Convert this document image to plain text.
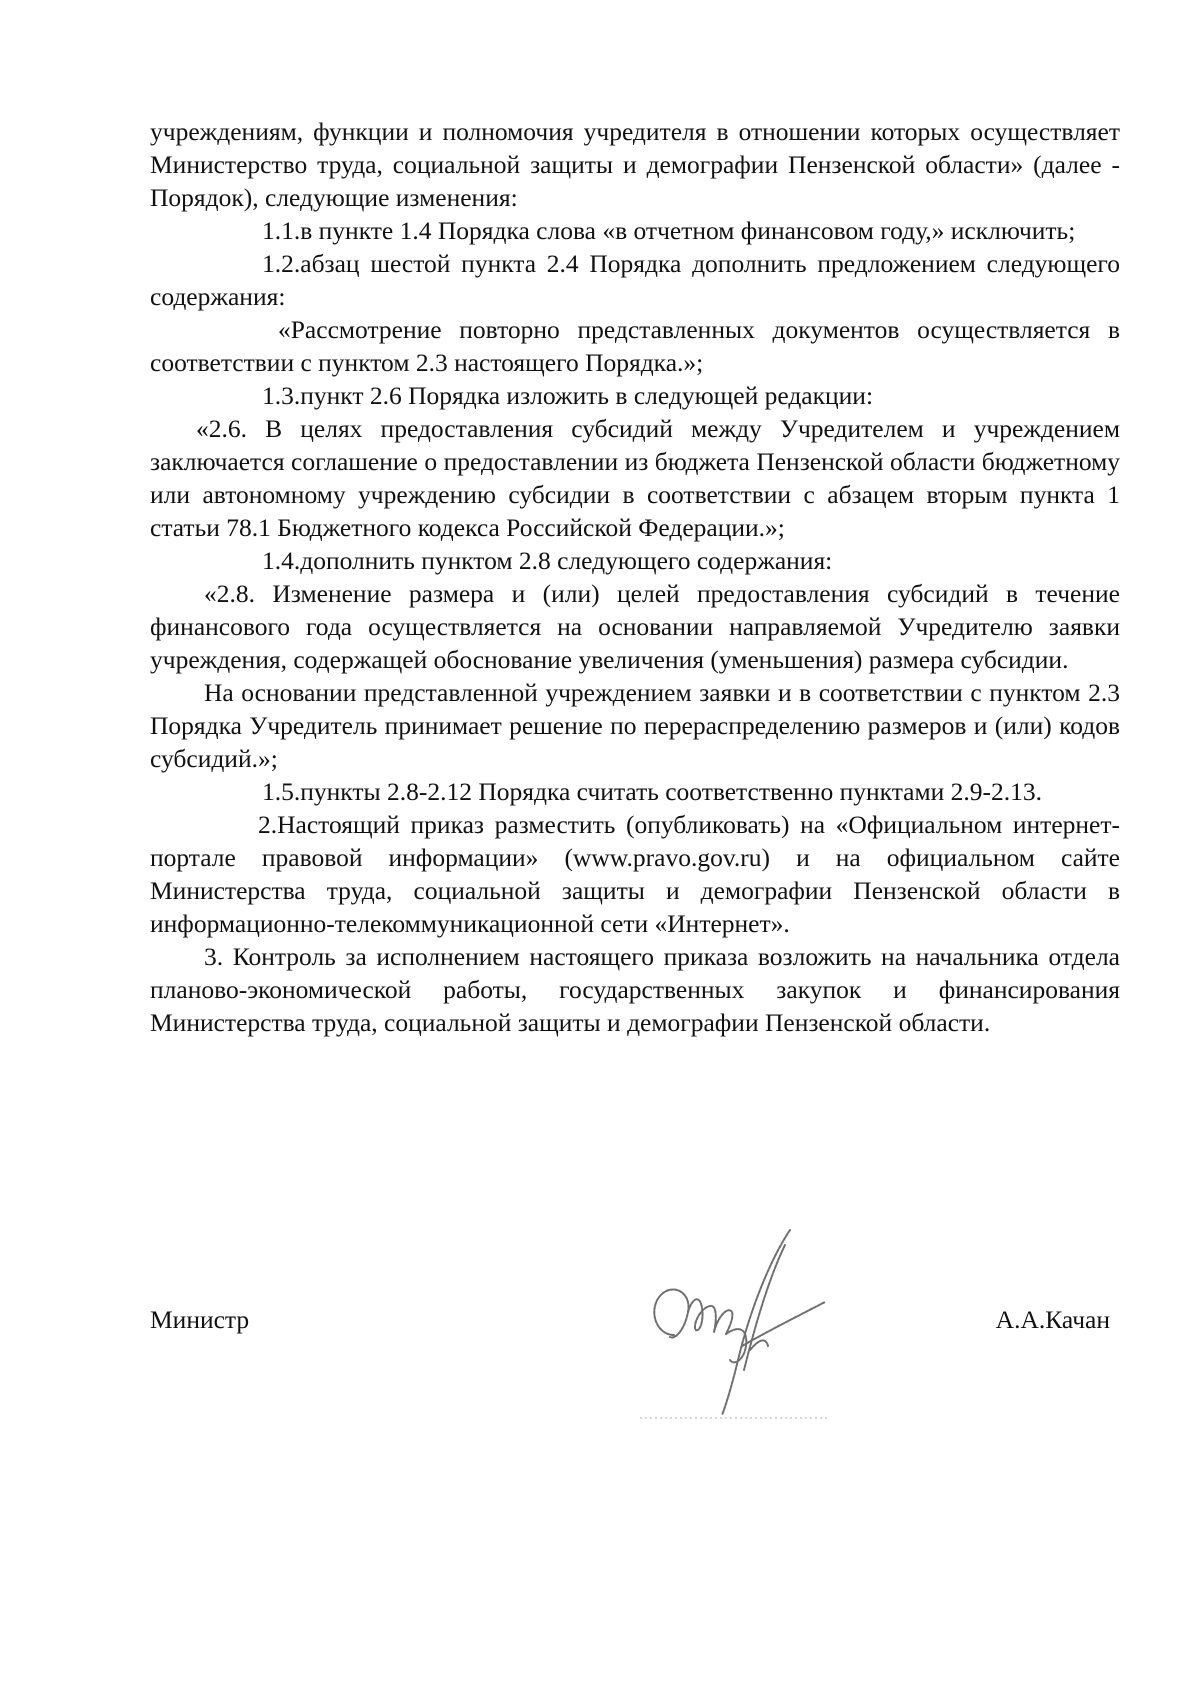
учреждениям, функции и полномочия учредителя в отношении которых осуществляет Министерство труда, социальной защиты и демографии Пензенской области» (далее - Порядок), следующие изменения:

1.1.в пункте 1.4 Порядка слова «в отчетном финансовом году,» исключить;

1.2.абзац шестой пункта 2.4 Порядка дополнить предложением следующего содержания:

«Рассмотрение повторно представленных документов осуществляется в соответствии с пунктом 2.3 настоящего Порядка.»;

1.3.пункт 2.6 Порядка изложить в следующей редакции:

«2.6. В целях предоставления субсидий между Учредителем и учреждением заключается соглашение о предоставлении из бюджета Пензенской области бюджетному или автономному учреждению субсидии в соответствии с абзацем вторым пункта 1 статьи 78.1 Бюджетного кодекса Российской Федерации.»;

1.4.дополнить пунктом 2.8 следующего содержания:

«2.8. Изменение размера и (или) целей предоставления субсидий в течение финансового года осуществляется на основании направляемой Учредителю заявки учреждения, содержащей обоснование увеличения (уменьшения) размера субсидии.

На основании представленной учреждением заявки и в соответствии с пунктом 2.3 Порядка Учредитель принимает решение по перераспределению размеров и (или) кодов субсидий.»;

1.5.пункты 2.8-2.12 Порядка считать соответственно пунктами 2.9-2.13.

2.Настоящий приказ разместить (опубликовать) на «Официальном интернет-портале правовой информации» (www.pravo.gov.ru) и на официальном сайте Министерства труда, социальной защиты и демографии Пензенской области в информационно-телекоммуникационной сети «Интернет».

3. Контроль за исполнением настоящего приказа возложить на начальника отдела планово-экономической работы, государственных закупок и финансирования Министерства труда, социальной защиты и демографии Пензенской области.

Министр	А.А.Качан
